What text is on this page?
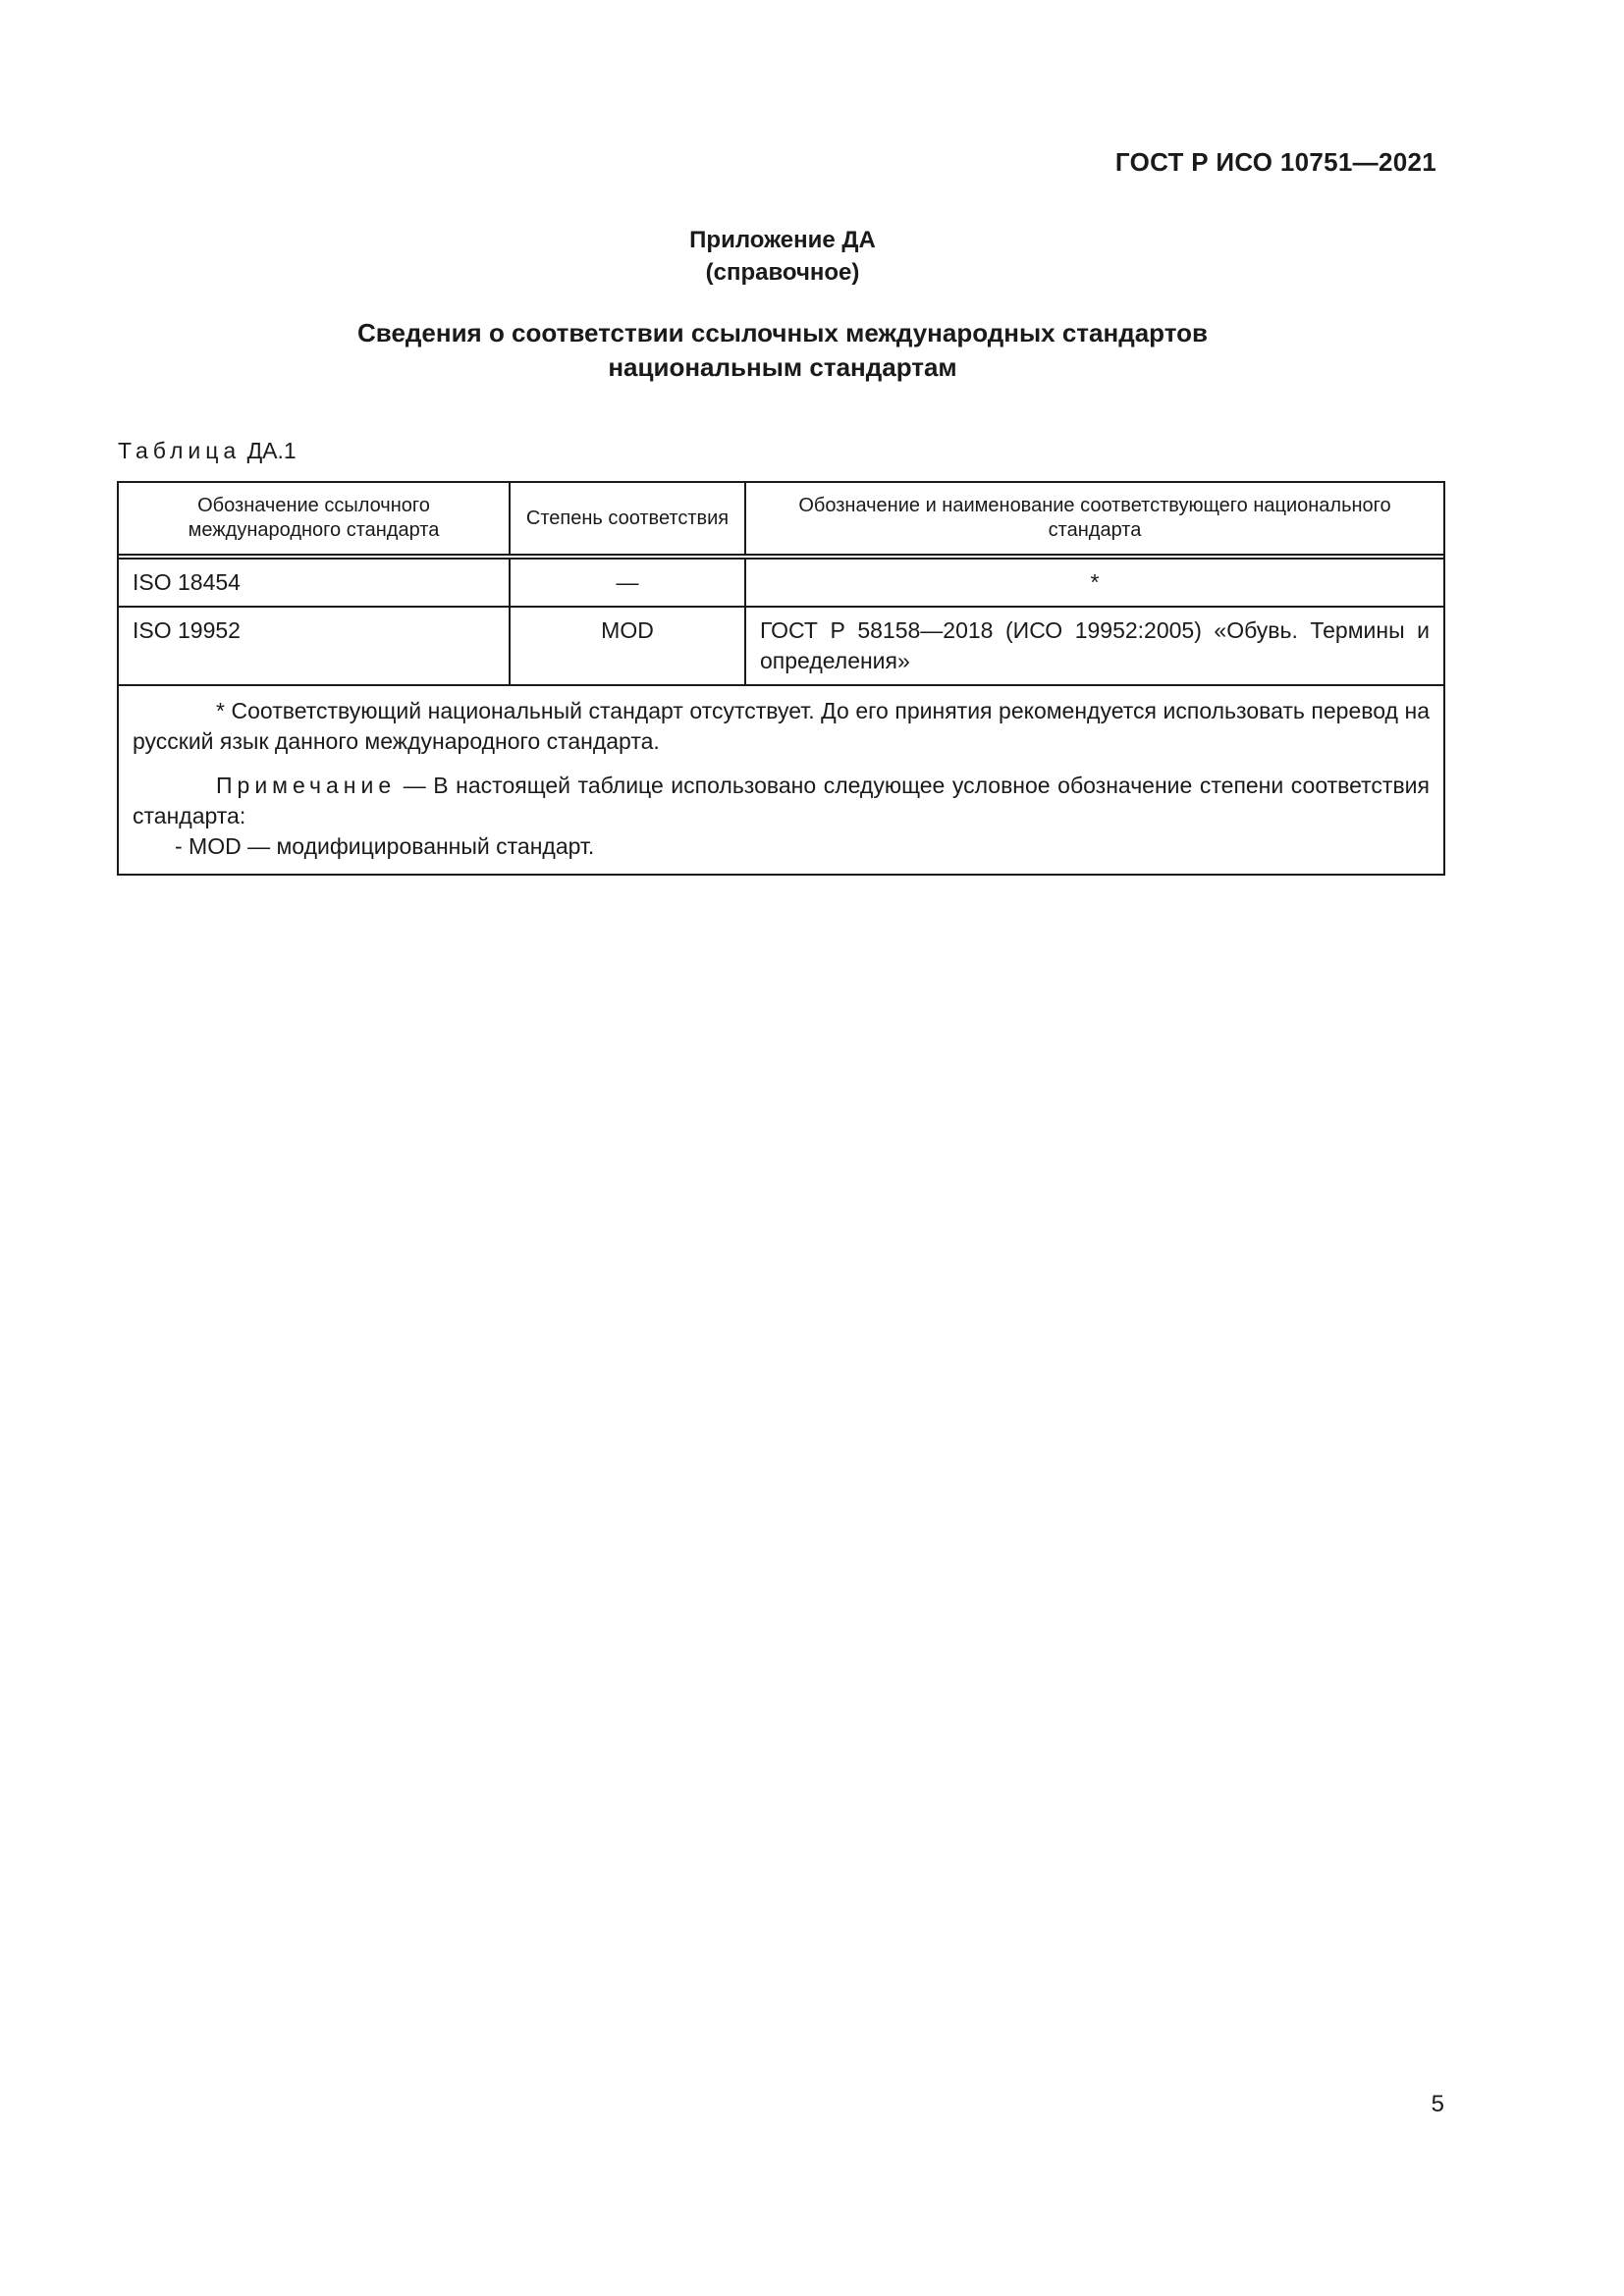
ГОСТ Р ИСО 10751—2021
Приложение ДА
(справочное)
Сведения о соответствии ссылочных международных стандартов
национальным стандартам
Таблица ДА.1
Обозначение ссылочного международного стандарта	Степень соответствия	Обозначение и наименование соответствующего национального стандарта
ISO 18454	—	*
ISO 19952	MOD	ГОСТ Р 58158—2018 (ИСО 19952:2005) «Обувь. Термины и определения»

* Соответствующий национальный стандарт отсутствует. До его принятия рекомендуется использовать перевод на русский язык данного международного стандарта.

Примечание — В настоящей таблице использовано следующее условное обозначение степени соответствия стандарта:

- MOD — модифицированный стандарт.		

5
